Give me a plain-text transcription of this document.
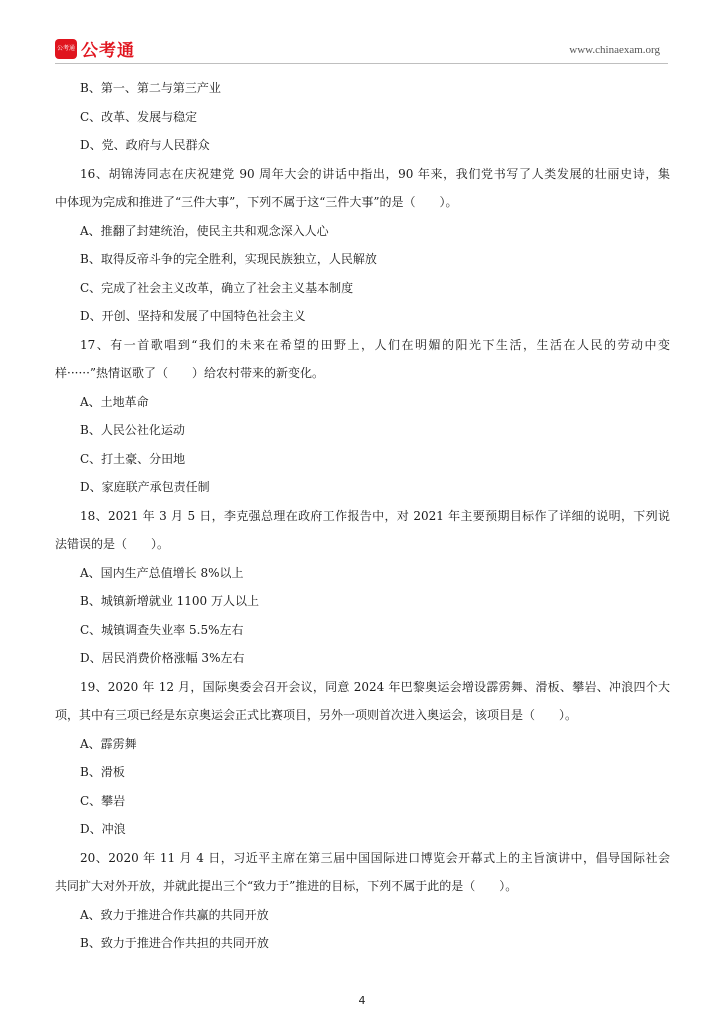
公考通 公考通	www.chinaexam.org
B、第一、第二与第三产业
C、改革、发展与稳定
D、党、政府与人民群众
16、胡锦涛同志在庆祝建党 90 周年大会的讲话中指出，90 年来，我们党书写了人类发展的壮丽史诗，集
中体现为完成和推进了“三件大事”，下列不属于这“三件大事”的是（　　）。
A、推翻了封建统治，使民主共和观念深入人心
B、取得反帝斗争的完全胜利，实现民族独立，人民解放
C、完成了社会主义改革，确立了社会主义基本制度
D、开创、坚持和发展了中国特色社会主义
17、有一首歌唱到“我们的未来在希望的田野上，人们在明媚的阳光下生活，生活在人民的劳动中变
样······”热情讴歌了（　　）给农村带来的新变化。
A、土地革命
B、人民公社化运动
C、打土豪、分田地
D、家庭联产承包责任制
18、2021 年 3 月 5 日，李克强总理在政府工作报告中，对 2021 年主要预期目标作了详细的说明，下列说
法错误的是（　　）。
A、国内生产总值增长 8%以上
B、城镇新增就业 1100 万人以上
C、城镇调查失业率 5.5%左右
D、居民消费价格涨幅 3%左右
19、2020 年 12 月，国际奥委会召开会议，同意 2024 年巴黎奥运会增设霹雳舞、滑板、攀岩、冲浪四个大
项，其中有三项已经是东京奥运会正式比赛项目，另外一项则首次进入奥运会，该项目是（　　）。
A、霹雳舞
B、滑板
C、攀岩
D、冲浪
20、2020 年 11 月 4 日，习近平主席在第三届中国国际进口博览会开幕式上的主旨演讲中，倡导国际社会
共同扩大对外开放，并就此提出三个“致力于”推进的目标，下列不属于此的是（　　）。
A、致力于推进合作共赢的共同开放
B、致力于推进合作共担的共同开放
4
